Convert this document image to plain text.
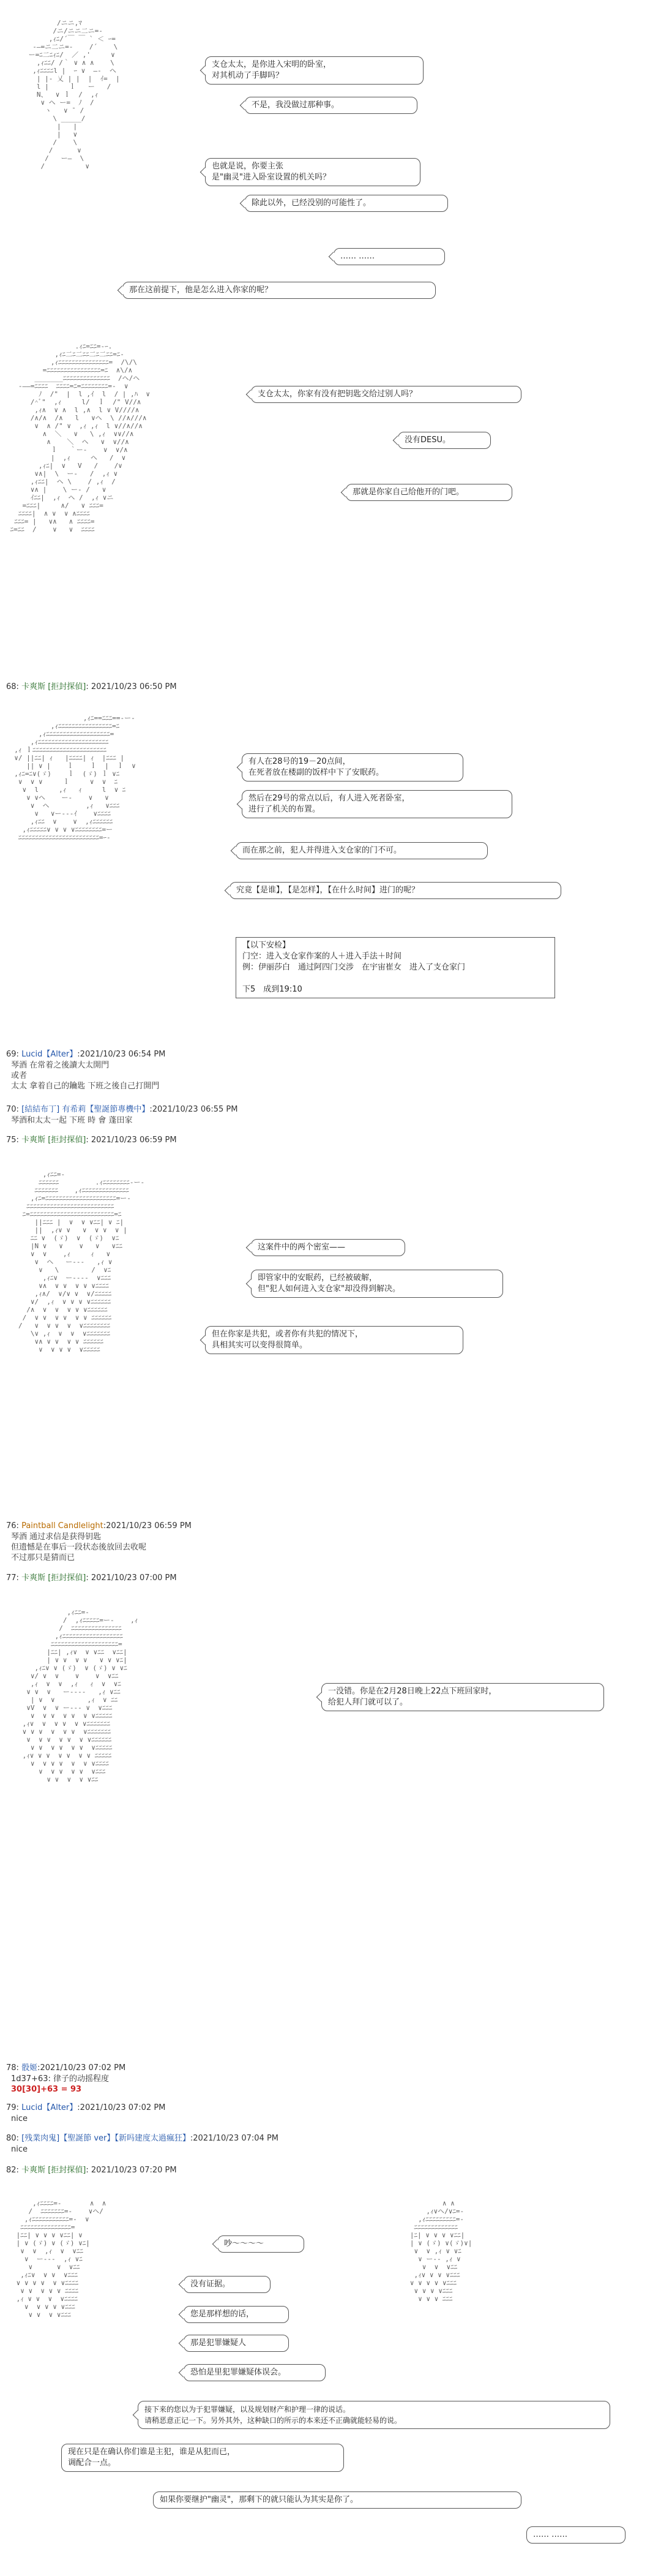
/ニニ,ﾏ
/ニ/ニニ二ニ=-
,ｨﾆ/´￣ ￣ ` ＜ ｰ=
-―=ニ二ニ=-    /´    \
ー=ﾆ二ﾆｨﾆ/  ／ ,'     ∨
,ｨﾆﾆ/ /｀ ∨ ∧ ∧    \
,ｨﾆﾆﾆﾆl |  ｰ ∨  ―-  ヘ
| |‐ 乂 | |  |  ｲ=  |
l |     ｌ   ー   /
N、  ∨ ｌ  /  ,ｨ
∨ ヘ ー=  ﾉ  /
ヽ   ∨ ̄  /
\ _____/
|   |
|   ∨
/    \
/      ∨
/   ー―  \
/          ∨
支仓太太，是你进入宋明的卧室，
对其机动了手脚吗？
不是，我没做过那种事。
也就是说，你要主张
是"幽灵"进入卧室设置的机关吗？
除此以外，已经没别的可能性了。
…… ……
那在这前提下，他是怎么进入你家的呢？
.ｨﾆ=ﾆﾆ=-ｰ.
,ｨﾆ二ﾆ二ﾆﾆ二ﾆ二ﾆﾆ=ﾆ-
,ｨﾆﾆﾆﾆﾆﾆﾆﾆﾆﾆﾆﾆﾆﾆﾆ=  /\/\
=ﾆﾆﾆﾆﾆﾆﾆﾆﾆﾆﾆﾆﾆﾆﾆﾆ=ﾆ  ∧\/∧
_______ﾆﾆﾆﾆﾆﾆﾆﾆﾆﾆﾆﾆﾆﾆ  /ヘ/ヘ
-――=ﾆﾆﾆﾆ  ﾆﾆﾆﾆ=ﾆ=ﾆﾆﾆﾆﾆﾆﾆﾆ=-  ∨
ﾉ  /"  |  l ,ｲ  l  / | ,ﾊ  ∨
/^ﾞ"  ,ｨ     l/  ｌ  /" V//∧
,ｨ∧  ∨ ∧  l ,∧  l ∨ V////∧
/∧/∧  /∧   l   ∨ヘ  \ //∧///∧
∨  ∧ /" ∨  ,ｨ ,ｨ  l ∨//∧//∧
∧  ＼   ∨   \ ,ｨ  ∨∨//∧
∧    ＼  ヘ   ∨  ∨//∧
ｌ   ｀ー‐    ∨  ∨/∧
|  ,ｨ     ヘ   /  ∨
,ｨﾆ|  ∨   V   /    /∨
∨∧|  \  ー‐   /  ,ｨ ∨
,ｨﾆﾆ|  ヘ \    / ,ｨ  /
∨∧ |    \ ー‐ /   ∨
ｲﾆﾆ|  ,ｨ  ヘ /  ,ｨ ∨ニ
=ﾆﾆﾆ|     ∧/   ∨ ﾆﾆﾆ=
ﾆﾆﾆﾆ|  ∧ ∨  ∨ ∧ﾆﾆﾆﾆ
ﾆﾆﾆ= |   ∨∧   ∧ ﾆﾆﾆﾆ=
ﾆ=ﾆﾆ  /    ∨   ∨  ﾆﾆﾆﾆ
支仓太太，你家有没有把钥匙交给过别人吗？
没有DESU。
那就是你家自己给他开的门吧。
68: 卡爽斯 [拒封探偵]: 2021/10/23 06:50 PM
,ｨﾆ==ﾆﾆﾆ==-ー-
,ｨﾆﾆﾆﾆﾆﾆﾆﾆﾆﾆﾆﾆﾆﾆﾆﾆ=ﾆ
,ｨﾆﾆﾆﾆﾆﾆﾆﾆﾆﾆﾆﾆﾆﾆﾆﾆﾆﾆﾆ=
,ｨﾆﾆﾆﾆﾆﾆﾆﾆﾆﾆﾆﾆﾆﾆﾆﾆﾆﾆﾆﾆﾆ
,ｨ ｌﾆﾆﾆﾆﾆﾆﾆﾆﾆﾆﾆﾆﾆﾆﾆﾆﾆﾆﾆﾆﾆﾆ
∨/ ||ﾆﾆ| ｨ   |ﾆﾆﾆﾆ| ｨ  |ﾆﾆﾆ |
|| ∨ |    ｌ    ｌ  |  ｌ  ∨
,ｨﾆ=ﾆ∨(ゞ)    ｌ  (ゞ) ｌ ∨ﾆ
∨  ∨ ∨     ｌ     ∨  ∨  ﾆ
∨  l     ,ｨ   ｨ     l  ∨ ﾆ
∨ ∨ヘ    ー‐    ∨   ∨
∨  ヘ         ,ｨ   ∨ﾆﾆﾆ
∨   ∨ー‐‐‐ｲ    ∨ﾆﾆﾆﾆ
,ｨﾆﾆ  ∨    ∨  ,ｨﾆﾆﾆﾆﾆﾆ
,ｨﾆﾆﾆﾆﾆ∨ ∨ ∨ ∨ﾆﾆﾆﾆﾆﾆﾆﾆ=ー
ﾆﾆﾆﾆﾆﾆﾆﾆﾆﾆﾆﾆﾆﾆﾆﾆﾆﾆﾆﾆﾆﾆﾆﾆ=ｰ-
有人在28号的19－20点间，
在死者放在楼副的饭样中下了安眠药。
然后在29号的常点以后，有人进入死者卧室，
进行了机关的布置。
而在那之前，犯人并得进入支仓家的门不可。
究竟【是谁】，【是怎样】，【在什么时间】进门的呢？
【以下安检】
门空：进入支仓家作案的人＋进入手法＋时间
例：伊丽莎白　通过阿四门交涉　在宇宙崔女　进入了支仓家门

下5　成到19:10
69: Lucid【Alter】:2021/10/23 06:54 PM
琴酒 在常着之後讀大太開門
或者
太太 拿着自己的鑰匙 下班之後自己打開門
70: [結結布丁] 有希莉【聖誕節專機中】:2021/10/23 06:55 PM
琴酒和太太一起 下班 時 會 蓬田家
75: 卡爽斯 [拒封探偵]: 2021/10/23 06:59 PM
,ｨﾆﾆ=-
ﾆﾆﾆﾆﾆﾆ         .ｨﾆﾆﾆﾆﾆﾆﾆﾆ-ー-
ﾆﾆﾆﾆﾆﾆﾆ    ,ｨﾆﾆﾆﾆﾆﾆﾆﾆﾆﾆﾆﾆﾆﾆ
,ｨﾆ=ﾆﾆﾆﾆﾆﾆﾆﾆﾆﾆﾆﾆﾆﾆﾆﾆﾆﾆﾆﾆﾆ=ー-
ﾆﾆﾆﾆﾆﾆﾆﾆﾆﾆﾆﾆﾆﾆﾆﾆﾆﾆﾆﾆﾆﾆﾆﾆﾆﾆ
ﾆ=ﾆﾆﾆﾆﾆﾆﾆﾆﾆﾆﾆﾆﾆﾆﾆﾆﾆﾆﾆﾆﾆﾆﾆﾆﾆ=ﾆ
||ﾆﾆﾆ |  ∨  ∨ ∨ﾆﾆ| ∨ ﾆ|
||  ,ｨ∨ ∨   ∨  ∨ ∨  ∨ |
ﾆﾆ ∨  (ゞ)  ∨  (ゞ)  ∨ﾆ
|N ∨   ∨    ∨   ∨   ∨ﾆﾆ
∨  ∨    ,ｨ     ｨ   ∨
∨  ヘ   ー‐‐‐   ,ｨ ∨
∨   \        /  ∨ﾆ
,ｨﾆ∨  ー‐‐‐‐  ∨ﾆﾆﾆ
∨∧  ∨ ∨  ∨ ∨ ∨ﾆﾆﾆﾆ
,ｨ∧/  ∨/∨ ∨  ∨/ﾆﾆﾆﾆﾆ
∨/  ,ｨ  ∨ ∨ ∨ ∨ﾆﾆﾆﾆﾆﾆ
/∧  ∨  ∨  ∨ ∨ ∨ﾆﾆﾆﾆﾆﾆ
/  ∨ ∨  ∨ ∨  ∨ ∨ ﾆﾆﾆﾆﾆﾆ
/   ∨  ∨ ∨  ∨  ∨ﾆﾆﾆﾆﾆﾆﾆﾆ
\∨ ,ｨ  ∨  ∨  ∨ﾆﾆﾆﾆﾆﾆﾆ
∨∧ ∨ ∨  ∨ ∨ ﾆﾆﾆﾆﾆﾆ
∨  ∨ ∨ ∨  ∨ﾆﾆﾆﾆﾆ
这案件中的两个密室——
即管家中的安眠药，已经被破解，
但"犯人如何进入支仓家"却没得到解决。
但在你家是共犯，或者你有共犯的情况下，
具相其实可以变得很简单。
76: Paintball Candlelight:2021/10/23 06:59 PM
琴酒 通过求信是获得钥匙
但遗憾是在事后一段状态後放回去收呢
不过那只是猜而已
77: 卡爽斯 [拒封探偵]: 2021/10/23 07:00 PM
,ｨﾆﾆ=-
/  ,ｨﾆﾆﾆﾆﾆ=ー-    ,ｨ
/  ﾆﾆﾆﾆﾆﾆﾆﾆﾆﾆﾆﾆﾆﾆﾆ
,ｨﾆﾆﾆﾆﾆﾆﾆﾆﾆﾆﾆﾆﾆﾆﾆﾆﾆﾆ
ﾆﾆﾆﾆﾆﾆﾆﾆﾆﾆﾆﾆﾆﾆﾆﾆﾆﾆﾆﾆ=
|ﾆﾆ| ,ｨ∨  ∨ ∨ﾆﾆ  ∨ﾆﾆ|
| ∨ ∨  ∨ ∨   ∨ ∨ ∨ﾆ|
,ｨﾆ∨ ∨ (ゞ)  ∨ (ゞ) ∨ ∨ﾆ
∨/ ∨  ∨    ∨    ∨  ∨ﾆﾆ
,ｨ  ∨  ∨  ,ｨ   ｨ  ∨  ∨ﾆ
∨ ∨  ∨   ー‐‐‐‐   ,ｨ ∨ﾆﾆ
| ∨  ∨        ,ｨ  ∨ ﾆﾆ
∨V  ∨  ∨ ー‐‐‐ ∨  ∨ﾆﾆﾆ
∨  ∨ ∨  ∨ ∨  ∨ ∨ﾆﾆﾆﾆﾆ
,ｨ∨  ∨  ∨ ∨  ∨ ∨ﾆﾆﾆﾆﾆﾆﾆ
∨ ∨ ∨  ∨  ∨ ∨  ∨ﾆﾆﾆﾆﾆﾆﾆ
∨  ∨ ∨  ∨ ∨  ∨ ∨ﾆﾆﾆﾆﾆﾆ
∨ ∨  ∨ ∨  ∨ ∨  ∨ﾆﾆﾆﾆﾆ
,ｨ∨ ∨ ∨  ∨ ∨  ∨ ∨ ﾆﾆﾆﾆﾆ
∨  ∨ ∨ ∨  ∨  ∨ ∨ﾆﾆﾆﾆ
∨  ∨ ∨  ∨ ∨  ∨ﾆﾆﾆ
∨ ∨  ∨  ∨ ∨ﾆﾆ
一没错。你是在2月28日晚上22点下班回家时，
给犯人拜门就可以了。
78: 骰姬:2021/10/23 07:02 PM
1d37+63: 律子的动摇程度
30[30]+63 = 93
79: Lucid【Alter】:2021/10/23 07:02 PM
nice
80: [残業肉鬼]【聖誕節 ver】【新吗建度太過瘋狂】:2021/10/23 07:04 PM
nice
82: 卡爽斯 [拒封探偵]: 2021/10/23 07:20 PM
,ｨﾆﾆﾆﾆ=-       ∧  ∧
/  ﾆﾆﾆﾆﾆﾆﾆ=-    ∨ヘ/
,ｨﾆﾆﾆﾆﾆﾆﾆﾆﾆﾆﾆ=-  ∨
ﾆﾆﾆﾆﾆﾆﾆﾆﾆﾆﾆﾆﾆﾆﾆ=
|ﾆﾆ| ∨ ∨ ∨ ∨ﾆﾆ| ∨
| ∨ (ゞ) ∨ (ゞ) ∨ﾆ|
∨  ∨  ,ｨ  ∨  ∨ﾆﾆ
∨  ー‐‐‐  ,ｨ ∨ﾆ
∨      ∨  ∨ﾆﾆ
,ｨﾆ∨  ∨ ∨  ∨ﾆﾆﾆ
∨ ∨ ∨ ∨  ∨ ∨ﾆﾆﾆﾆ
∨ ∨  ∨ ∨ ∨ ﾆﾆﾆﾆ
,ｨ ∨ ∨  ∨  ∨ﾆﾆﾆﾆ
∨  ∨ ∨ ∨ ∨ﾆﾆﾆ
∨ ∨  ∨ ∨ﾆﾆﾆ
∧ ∧
,ｨ∨ヘ/∨ﾆ=-
,ｨﾆﾆﾆﾆﾆﾆﾆﾆﾆ=-
ﾆﾆﾆﾆﾆﾆﾆﾆﾆﾆﾆﾆﾆ
|ﾆ| ∨ ∨ ∨ ∨ﾆﾆ|
| ∨ (ゞ) ∨(ゞ)∨|
∨  ∨ ,ｨ ∨ ∨ﾆ
∨ ー‐‐ ,ｨ ∨
∨  ∨  ∨ﾆﾆ
,ｨ∨ ∨ ∨ ∨ﾆﾆﾆ
∨ ∨ ∨ ∨ ∨ﾆﾆﾆ
∨ ∨ ∨ ∨ﾆﾆﾆ
∨ ∨ ∨ ﾆﾆﾆ
吵～～～～
没有证据。
您是那样想的话，
那是犯罪嫌疑人
恐怕是里犯罪嫌疑体误会。
接下来的您以为于犯罪嫌疑，以及规划财产和护理一律的说话。
请稍恶意正记一下。另外其外，这种缺口的所示的本来还不正确就能轻易的说。
现在只是在确认你们谁是主犯，谁是从犯而已，
调配合一点。
如果你要继护"幽灵"，那剩下的就只能认为其实是你了。
…… ……
